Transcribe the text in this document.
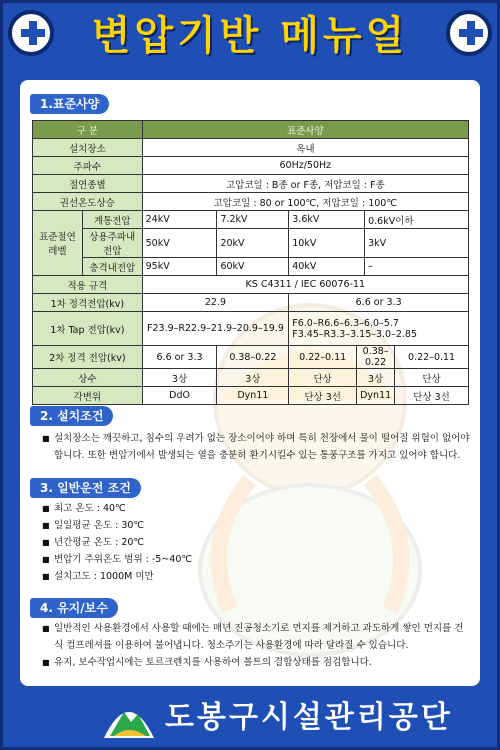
변압기반 메뉴얼
1.표준사양
구 분		표준사양					
설치장소		옥내					
주파수		60Hz/50Hz					
절연종별		고압코일 : B종 or F종, 저압코일 : F종					
권선온도상승		고압코일 : 80 or 100℃, 저압코일 : 100℃					
표준절연레벨	계통전압	24kV	7.2kV	3.6kV		0.6kV이하	
	상용주파내전압	50kV	20kV	10kV		3kV	
	충격내전압	95kV	60kV	40kV		–	
적용 규격		KS C4311 / IEC 60076-11					
1차 정격전압(kv)		22.9		6.6 or 3.3			
1차 Tap 전압(kv)		F23.9–R22.9–21.9–20.9–19.9		F6.0–R6.6–6.3–6.0–5.7
F3.45–R3.3–3.15–3.0–2.85			

2차 정격 전압(kv)		6.6 or 3.3	0.38–0.22	0.22–0.11	0.38–0.22		0.22–0.11
상수		3상	3상	단상	3상		단상
각변위		DdO	Dyn11	단상 3선	Dyn11		단상 3선
2. 설치조건
■ 설치장소는 깨끗하고, 침수의 우려가 없는 장소이어야 하며 특히 천장에서 물이 떨어질 위험이 없어야 합니다. 또한 변압기에서 발생되는 열을 충분히 환기시킬수 있는 통풍구조를 가지고 있어야 합니다.
3. 일반운전 조건
■ 최고 온도 : 40℃
■ 일일평균 온도 : 30℃
■ 년간평균 온도 : 20℃
■ 변압기 주위온도 범위 : -5~40℃
■ 설치고도 : 1000M 미만
4. 유지/보수
■ 일반적인 사용환경에서 사용할 때에는 매년 진공청소기로 먼지를 제거하고 과도하게 쌓인 먼지를 건식 컴프레셔를 이용하여 불어냅니다. 청소주기는 사용환경에 따라 달라질 수 있습니다.
■ 유지, 보수작업시에는 토르크렌치를 사용하여 볼트의 결합상태를 점검합니다.
도봉구시설관리공단
